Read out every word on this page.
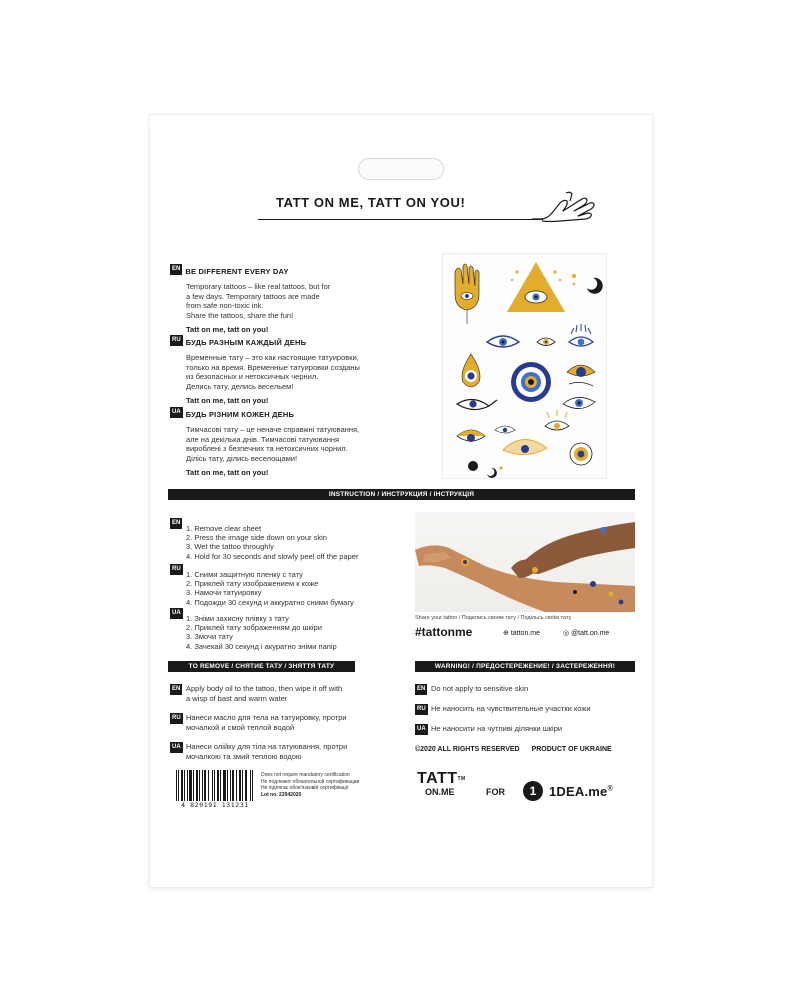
TATT ON ME, TATT ON YOU!
EN BE DIFFERENT EVERY DAY
Temporary tattoos – like real tattoos, but for
a few days. Temporary tattoos are made
from safe non-toxic ink.
Share the tattoos, share the fun!
Tatt on me, tatt on you!
RU БУДЬ РАЗНЫМ КАЖДЫЙ ДЕНЬ
Временные тату – это как настоящие татуировки,
только на время. Временные татуировки созданы
из безопасных и нетоксичных чернил.
Делись тату, делись весельем!
Tatt on me, tatt on you!
UA БУДЬ РІЗНИМ КОЖЕН ДЕНЬ
Тимчасові тату – це неначе справжні татуювання,
але на декілька днів. Тимчасові татуювання
вироблені з безпечних та нетоксичних чорнил.
Діліcь тату, ділись веселощами!
Tatt on me, tatt on you!
INSTRUCTION / ИНСТРУКЦИЯ / ІНСТРУКЦІЯ
EN
1. Remove clear sheet
2. Press the image side down on your skin
3. Wet the tattoo throughly
4. Hold for 30 seconds and slowly peel off the paper
RU
1. Сними защитную пленку с тату
2. Приклей тату изображением к коже
3. Намочи татуировку
4. Подожди 30 секунд и аккуратно сними бумагу
UA
1. Зніми захисну плівку з тату
2. Приклей тату зображенням до шкіри
3. Змочи тату
4. Зачекай 30 секунд і акуратно зніми папір
Share your tattoo / Поделись своим тату / Подільсь своїм тату
#tattonme	⊕ tatton.me	◎ @tatt.on.me
TO REMOVE / СНЯТИЕ ТАТУ / ЗНЯТТЯ ТАТУ	WARNING! / ПРЕДОСТЕРЕЖЕНИЕ! / ЗАСТЕРЕЖЕННЯ!
EN Apply body oil to the tattoo, then wipe it off with
a wisp of bast and warm water
RU Нанеси масло для тела на татуировку, протри
мочалкой и смой теплой водой
UA Нанеси олійку для тіла на татуювання, протри
мочалкою та змий теплою водою
EN Do not apply to sensitive skin
RU Не наносить на чувствительные участки кожи
UA Не наносити на чутливі ділянки шкіри
©2020 ALL RIGHTS RESERVED PRODUCT OF UKRAINE
4 820191 131231
Does not require mandatory certification
Не подлежит обязательной сертификации
Не підлягає обов'язковій сертифікації
Lot no. 22042020
TATT™
ON.ME	FOR	1 1DEA.me®
